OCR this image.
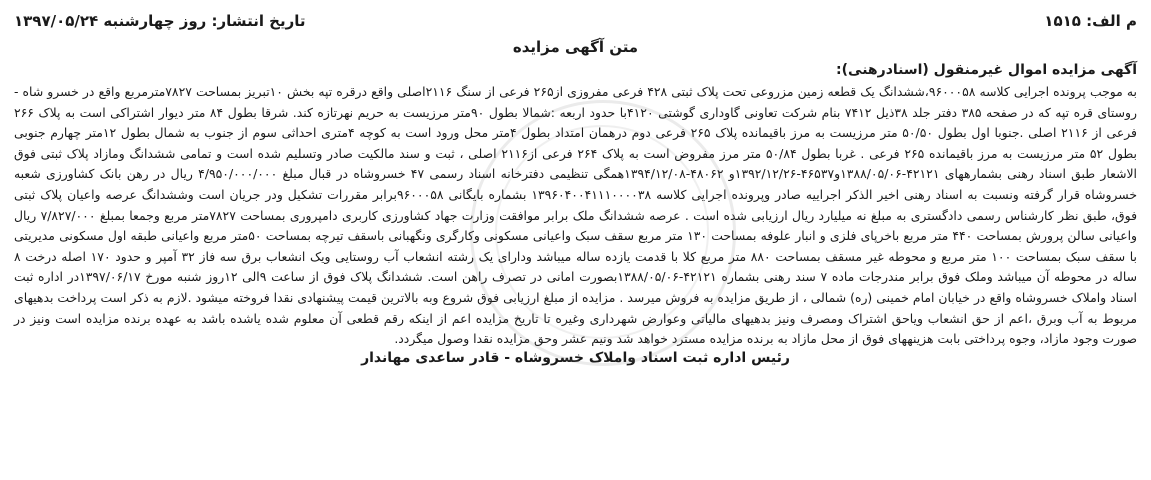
م الف: ۱۵۱۵
تاریخ انتشار: روز چهارشنبه ۱۳۹۷/۰۵/۲۴
متن آگهی مزایده
آگهی مزایده اموال غیرمنقول (اسنادرهنی):

به موجب پرونده اجرایی کلاسه ۹۶۰۰۰۵۸،ششدانگ یک قطعه زمین مزروعی تحت پلاک ثبتی ۴۲۸ فرعی مفروزی از۲۶۵ فرعی از سنگ ۲۱۱۶اصلی واقع درقره تپه بخش ۱۰تبریز بمساحت ۷۸۲۷مترمربع واقع در خسرو شاه - روستای قره تپه که در صفحه ۳۸۵ دفتر جلد ۳۸ذیل ۷۴۱۲ بنام شرکت تعاونی گاوداری گوشتی ۴۱۲۰با حدود اربعه :شمالا بطول ۹۰متر مرزیست به حریم نهرتازه کند. شرقا بطول ۸۴ متر دیوار اشتراکی است به پلاک ۲۶۶ فرعی از ۲۱۱۶ اصلی .جنوبا اول بطول ۵۰/۵۰ متر مرزیست به مرز باقیمانده پلاک ۲۶۵ فرعی دوم درهمان امتداد بطول ۴متر محل ورود است به کوچه ۴متری احداثی سوم از جنوب به شمال بطول ۱۲متر چهارم جنوبی بطول ۵۲ متر مرزیست به مرز باقیمانده ۲۶۵ فرعی . غربا بطول ۵۰/۸۴ متر مرز مفروض است به پلاک ۲۶۴ فرعی از۲۱۱۶ اصلی ، ثبت و سند مالکیت صادر وتسلیم شده است و تمامی ششدانگ ومازاد پلاک ثبتی فوق الاشعار طبق اسناد رهنی بشمارههای ۴۲۱۲۱-۱۳۸۸/۰۵/۰۶و۴۶۵۳۷-۱۳۹۲/۱۲/۲۶و ۴۸۰۶۲-۱۳۹۴/۱۲/۰۸همگی تنظیمی دفترخانه اسناد رسمی ۴۷ خسروشاه در قبال مبلغ ۴/۹۵۰/۰۰۰/۰۰۰ ریال در رهن بانک کشاورزی شعبه خسروشاه قرار گرفته ونسبت به اسناد رهنی اخیر الذکر اجراییه صادر وپرونده اجرایی کلاسه ۱۳۹۶۰۴۰۰۴۱۱۱۰۰۰۰۳۸ بشماره بایگانی ۹۶۰۰۰۵۸برابر مقررات تشکیل ودر جریان است وششدانگ عرصه واعیان پلاک ثبتی فوق، طبق نظر کارشناس رسمی دادگستری به مبلغ نه میلیارد ریال ارزیابی شده است . عرصه ششدانگ ملک برابر موافقت وزارت جهاد کشاورزی کاربری دامپروری بمساحت ۷۸۲۷متر مربع وجمعا بمبلغ ۷/۸۲۷/۰۰۰ ریال واعیانی سالن پرورش بمساحت ۴۴۰ متر مربع باخرپای فلزی و انبار علوفه بمساحت ۱۳۰ متر مربع سقف سبک واعیانی مسکونی وکارگری ونگهبانی باسقف تیرچه بمساحت ۵۰متر مربع واعیانی طبقه اول مسکونی مدیریتی با سقف سبک بمساحت ۱۰۰ متر مربع و محوطه غیر مسقف بمساحت ۸۸۰ متر مربع کلا با قدمت یازده ساله میباشد ودارای یک رشته انشعاب آب روستایی ویک انشعاب برق سه فاز ۳۲ آمپر و حدود ۱۷۰ اصله درخت ۸ ساله در محوطه آن میباشد وملک فوق برابر مندرجات ماده ۷ سند رهنی بشماره ۴۲۱۲۱-۱۳۸۸/۰۵/۰۶بصورت امانی در تصرف راهن است. ششدانگ پلاک فوق از ساعت ۹الی ۱۲روز شنبه مورخ ۱۳۹۷/۰۶/۱۷در اداره ثبت اسناد واملاک خسروشاه واقع در خیابان امام خمینی (ره) شمالی ، از طریق مزایده به فروش میرسد . مزایده از مبلغ ارزیابی فوق شروع وبه بالاترین قیمت پیشنهادی نقدا فروخته میشود .لازم به ذکر است پرداخت بدهیهای مربوط به آب وبرق ،اعم از حق انشعاب ویاحق اشتراک ومصرف ونیز بدهیهای مالیاتی وعوارض شهرداری وغیره تا تاریخ مزایده اعم از اینکه رقم قطعی آن معلوم شده یاشده باشد به عهده برنده مزایده است ونیز در صورت وجود مازاد، وجوه پرداختی بابت هزینههای فوق از محل مازاد به برنده مزایده مسترد خواهد شد ونیم عشر وحق مزایده نقدا وصول میگردد.

رئیس اداره ثبت اسناد واملاک خسروشاه - قادر ساعدی مهاندار
